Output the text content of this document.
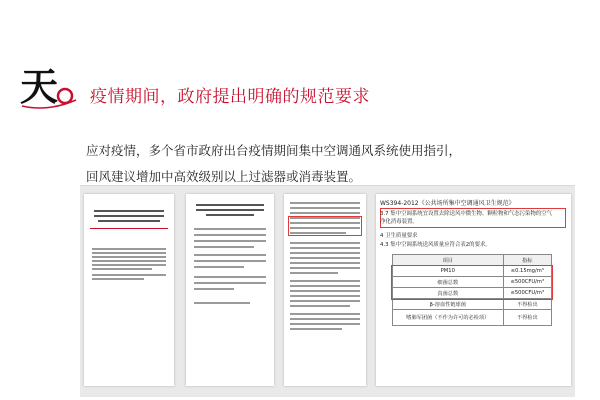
天 疫情期间，政府提出明确的规范要求
应对疫情，多个省市政府出台疫情期间集中空调通风系统使用指引，
回风建议增加中高效级别以上过滤器或消毒装置。
WS394-2012《公共场所集中空调通风卫生规范》
3.7 集中空调系统宜设置去除送风中微生物、颗粒物和气态污染物的空气
净化消毒装置。
4 卫生质量要求
4.3 集中空调系统送风质量应符合表2的要求。
项目	指标
PM10	≤0.15mg/m³
细菌总数	≤500CFU/m³
真菌总数	≤500CFU/m³
β-溶血性链球菌	不得检出
嗜肺军团菌（不作为许可的必检项）	不得检出
